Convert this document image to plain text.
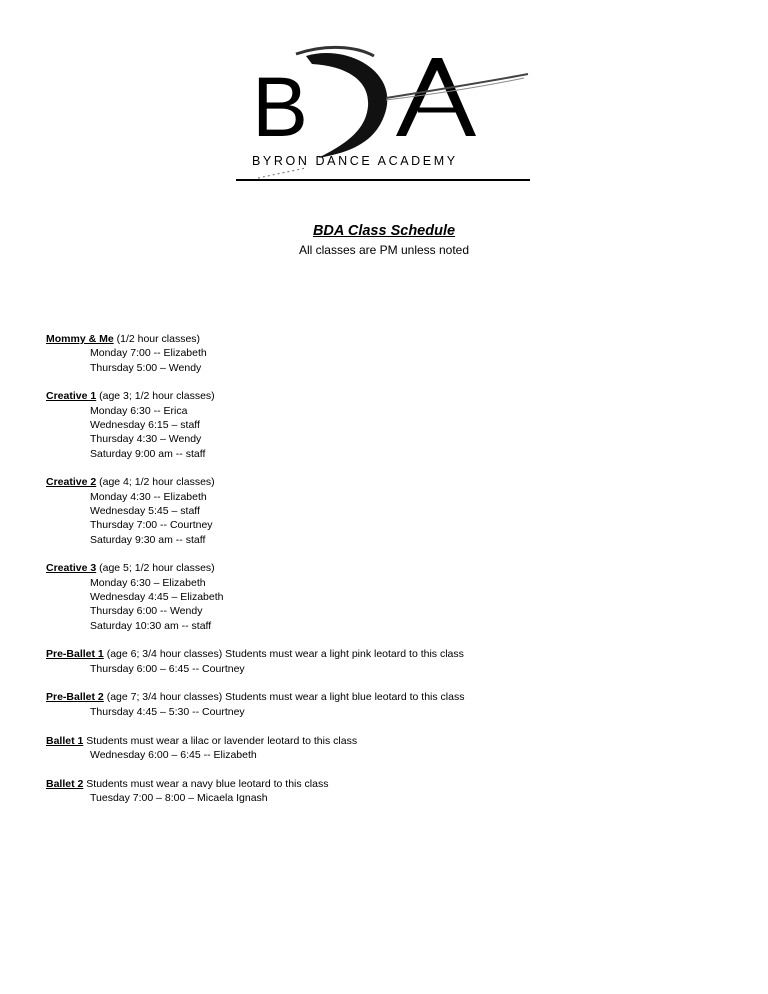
B
BYRON DANCE ACADEMY
BDA Class Schedule
All classes are PM unless noted
Mommy & Me (1/2 hour classes)
Monday 7:00 -- Elizabeth
Thursday 5:00 – Wendy
Creative 1 (age 3; 1/2 hour classes)
Monday 6:30 -- Erica
Wednesday 6:15 – staff
Thursday 4:30 – Wendy
Saturday 9:00 am -- staff
Creative 2 (age 4; 1/2 hour classes)
Monday 4:30 -- Elizabeth
Wednesday 5:45 – staff
Thursday 7:00 -- Courtney
Saturday 9:30 am -- staff
Creative 3 (age 5; 1/2 hour classes)
Monday 6:30 – Elizabeth
Wednesday 4:45 – Elizabeth
Thursday 6:00 -- Wendy
Saturday 10:30 am -- staff
Pre-Ballet 1 (age 6; 3/4 hour classes) Students must wear a light pink leotard to this class
Thursday 6:00 – 6:45 -- Courtney
Pre-Ballet 2 (age 7; 3/4 hour classes) Students must wear a light blue leotard to this class
Thursday 4:45 – 5:30 -- Courtney
Ballet 1 Students must wear a lilac or lavender leotard to this class
Wednesday 6:00 – 6:45 -- Elizabeth
Ballet 2 Students must wear a navy blue leotard to this class
Tuesday 7:00 – 8:00 – Micaela Ignash
